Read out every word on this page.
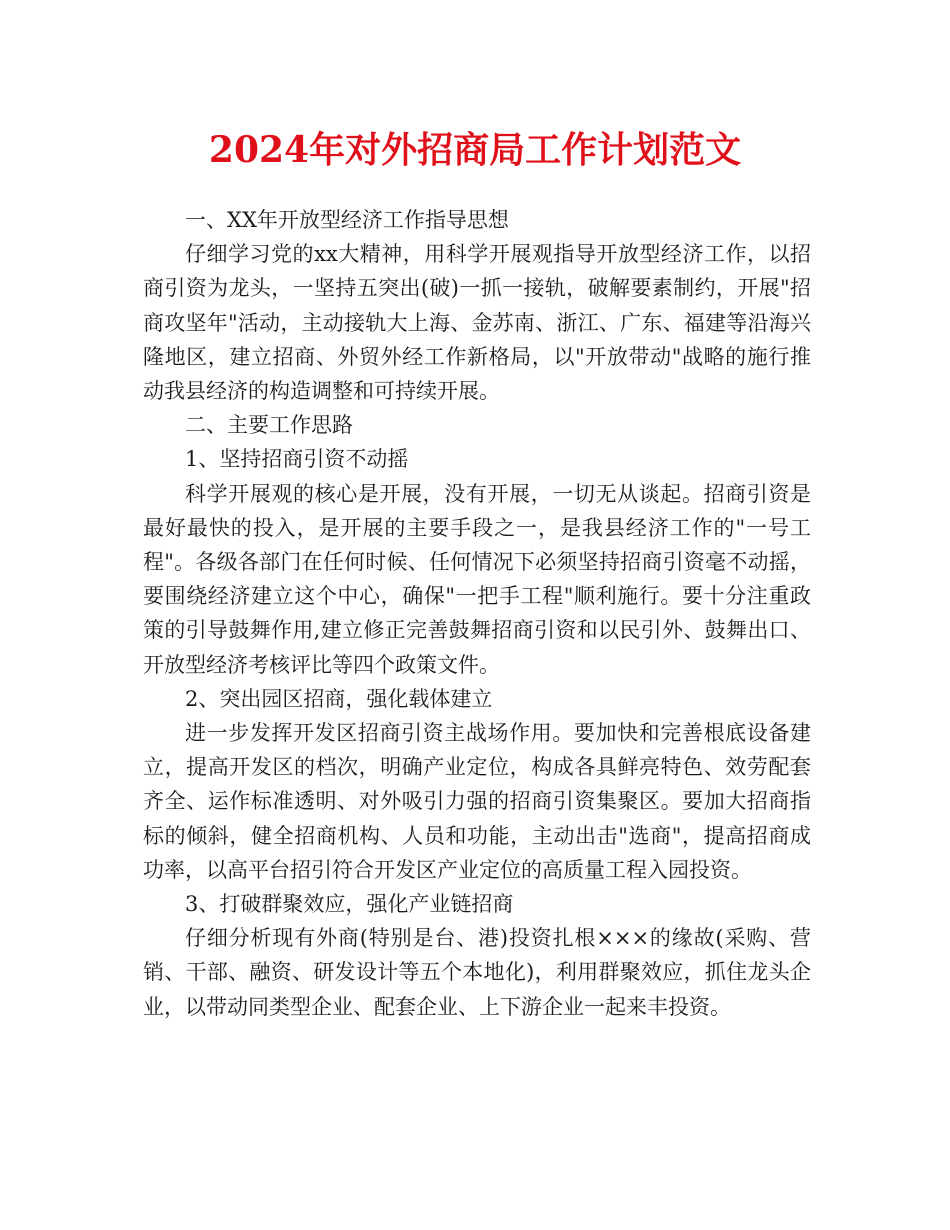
2024年对外招商局工作计划范文

一、XX年开放型经济工作指导思想

仔细学习党的xx大精神，用科学开展观指导开放型经济工作，以招商引资为龙头，一坚持五突出(破)一抓一接轨，破解要素制约，开展"招商攻坚年"活动，主动接轨大上海、金苏南、浙江、广东、福建等沿海兴隆地区，建立招商、外贸外经工作新格局，以"开放带动"战略的施行推动我县经济的构造调整和可持续开展。

二、主要工作思路

1、坚持招商引资不动摇

科学开展观的核心是开展，没有开展，一切无从谈起。招商引资是最好最快的投入，是开展的主要手段之一，是我县经济工作的"一号工程"。各级各部门在任何时候、任何情况下必须坚持招商引资毫不动摇，要围绕经济建立这个中心，确保"一把手工程"顺利施行。要十分注重政策的引导鼓舞作用,建立修正完善鼓舞招商引资和以民引外、鼓舞出口、开放型经济考核评比等四个政策文件。

2、突出园区招商，强化载体建立

进一步发挥开发区招商引资主战场作用。要加快和完善根底设备建立，提高开发区的档次，明确产业定位，构成各具鲜亮特色、效劳配套齐全、运作标准透明、对外吸引力强的招商引资集聚区。要加大招商指标的倾斜，健全招商机构、人员和功能，主动出击"选商"，提高招商成功率，以高平台招引符合开发区产业定位的高质量工程入园投资。

3、打破群聚效应，强化产业链招商

仔细分析现有外商(特别是台、港)投资扎根×××的缘故(采购、营销、干部、融资、研发设计等五个本地化)，利用群聚效应，抓住龙头企业，以带动同类型企业、配套企业、上下游企业一起来丰投资。
